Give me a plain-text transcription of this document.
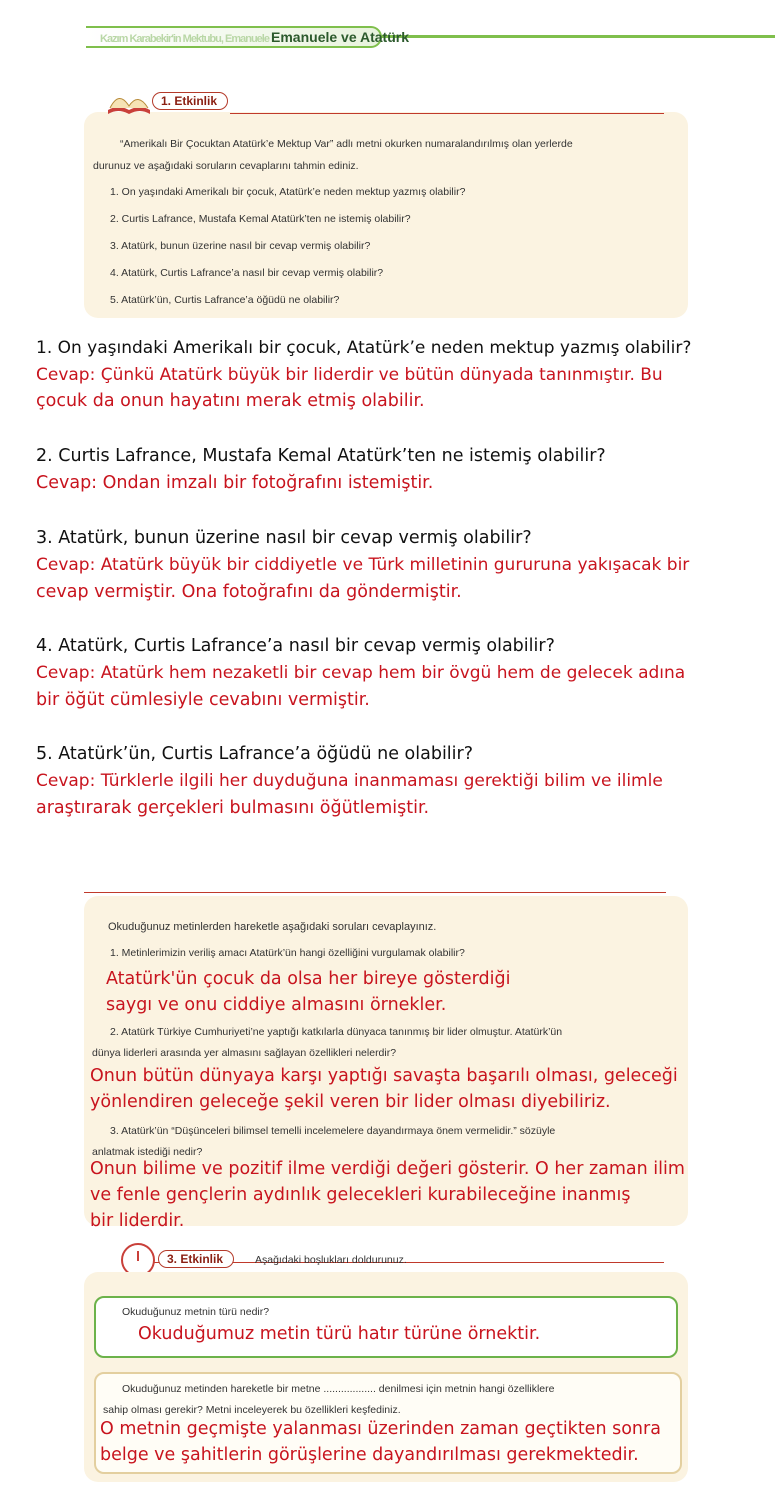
Kazım Karabekir'in Mektubu, Emanuele Emanuele ve Atatürk
1. Etkinlik
“Amerikalı Bir Çocuktan Atatürk’e Mektup Var” adlı metni okurken numaralandırılmış olan yerlerde
durunuz ve aşağıdaki soruların cevaplarını tahmin ediniz.
1. On yaşındaki Amerikalı bir çocuk, Atatürk’e neden mektup yazmış olabilir?
2. Curtis Lafrance, Mustafa Kemal Atatürk’ten ne istemiş olabilir?
3. Atatürk, bunun üzerine nasıl bir cevap vermiş olabilir?
4. Atatürk, Curtis Lafrance’a nasıl bir cevap vermiş olabilir?
5. Atatürk’ün, Curtis Lafrance’a öğüdü ne olabilir?
1. On yaşındaki Amerikalı bir çocuk, Atatürk’e neden mektup yazmış olabilir?
Cevap: Çünkü Atatürk büyük bir liderdir ve bütün dünyada tanınmıştır. Bu
çocuk da onun hayatını merak etmiş olabilir.
2. Curtis Lafrance, Mustafa Kemal Atatürk’ten ne istemiş olabilir?
Cevap: Ondan imzalı bir fotoğrafını istemiştir.
3. Atatürk, bunun üzerine nasıl bir cevap vermiş olabilir?
Cevap: Atatürk büyük bir ciddiyetle ve Türk milletinin gururuna yakışacak bir
cevap vermiştir. Ona fotoğrafını da göndermiştir.
4. Atatürk, Curtis Lafrance’a nasıl bir cevap vermiş olabilir?
Cevap: Atatürk hem nezaketli bir cevap hem bir övgü hem de gelecek adına
bir öğüt cümlesiyle cevabını vermiştir.
5. Atatürk’ün, Curtis Lafrance’a öğüdü ne olabilir?
Cevap: Türklerle ilgili her duyduğuna inanmaması gerektiği bilim ve ilimle
araştırarak gerçekleri bulmasını öğütlemiştir.
Okuduğunuz metinlerden hareketle aşağıdaki soruları cevaplayınız.
1. Metinlerimizin veriliş amacı Atatürk’ün hangi özelliğini vurgulamak olabilir?
Atatürk'ün çocuk da olsa her bireye gösterdiği
saygı ve onu ciddiye almasını örnekler.
2. Atatürk Türkiye Cumhuriyeti’ne yaptığı katkılarla dünyaca tanınmış bir lider olmuştur. Atatürk’ün
dünya liderleri arasında yer almasını sağlayan özellikleri nelerdir?
Onun bütün dünyaya karşı yaptığı savaşta başarılı olması, geleceği
yönlendiren geleceğe şekil veren bir lider olması diyebiliriz.
3. Atatürk’ün “Düşünceleri bilimsel temelli incelemelere dayandırmaya önem vermelidir.” sözüyle
anlatmak istediği nedir?
Onun bilime ve pozitif ilme verdiği değeri gösterir. O her zaman ilim
ve fenle gençlerin aydınlık gelecekleri kurabileceğine inanmış
bir liderdir.
3. Etkinlik	Aşağıdaki boşlukları doldurunuz.
Okuduğunuz metnin türü nedir?
Okuduğumuz metin türü hatır türüne örnektir.
Okuduğunuz metinden hareketle bir metne .................. denilmesi için metnin hangi özelliklere
sahip olması gerekir? Metni inceleyerek bu özellikleri keşfediniz.
O metnin geçmişte yalanması üzerinden zaman geçtikten sonra
belge ve şahitlerin görüşlerine dayandırılması gerekmektedir.
